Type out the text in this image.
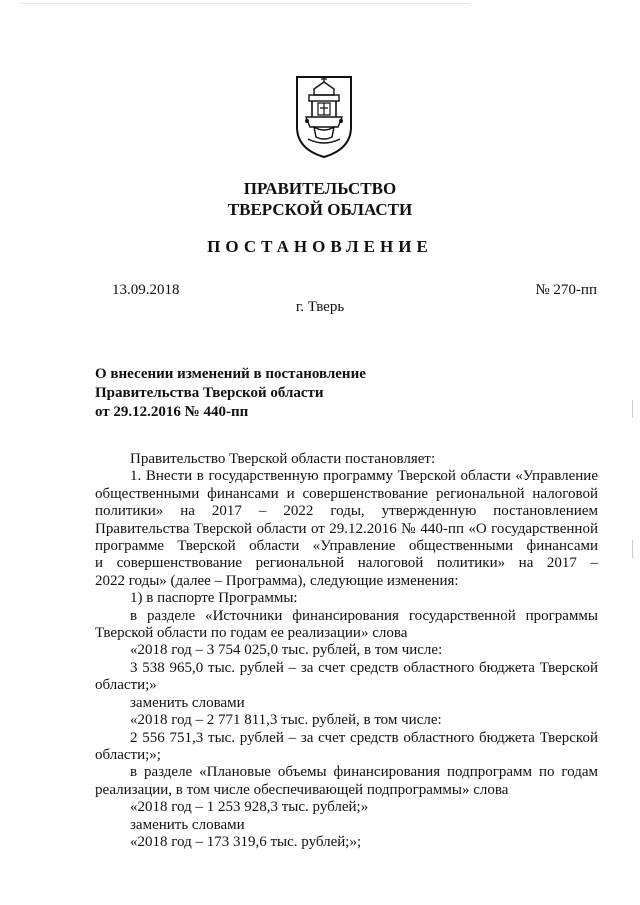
ПРАВИТЕЛЬСТВО
ТВЕРСКОЙ ОБЛАСТИ
ПОСТАНОВЛЕНИЕ
13.09.2018	№ 270-пп
г. Тверь
О внесении изменений в постановление
Правительства Тверской области
от 29.12.2016 № 440-пп
Правительство Тверской области постановляет:
1. Внести в государственную программу Тверской области «Управление
общественными финансами и совершенствование региональной налоговой
политики» на 2017 – 2022 годы, утвержденную постановлением
Правительства Тверской области от 29.12.2016 № 440-пп «О государственной
программе Тверской области «Управление общественными финансами
и совершенствование региональной налоговой политики» на 2017 –
2022 годы» (далее – Программа), следующие изменения:
1) в паспорте Программы:
в разделе «Источники финансирования государственной программы
Тверской области по годам ее реализации» слова
«2018 год – 3 754 025,0 тыс. рублей, в том числе:
3 538 965,0 тыс. рублей – за счет средств областного бюджета Тверской
области;»
заменить словами
«2018 год – 2 771 811,3 тыс. рублей, в том числе:
2 556 751,3 тыс. рублей – за счет средств областного бюджета Тверской
области;»;
в разделе «Плановые объемы финансирования подпрограмм по годам
реализации, в том числе обеспечивающей подпрограммы» слова
«2018 год – 1 253 928,3 тыс. рублей;»
заменить словами
«2018 год – 173 319,6 тыс. рублей;»;
